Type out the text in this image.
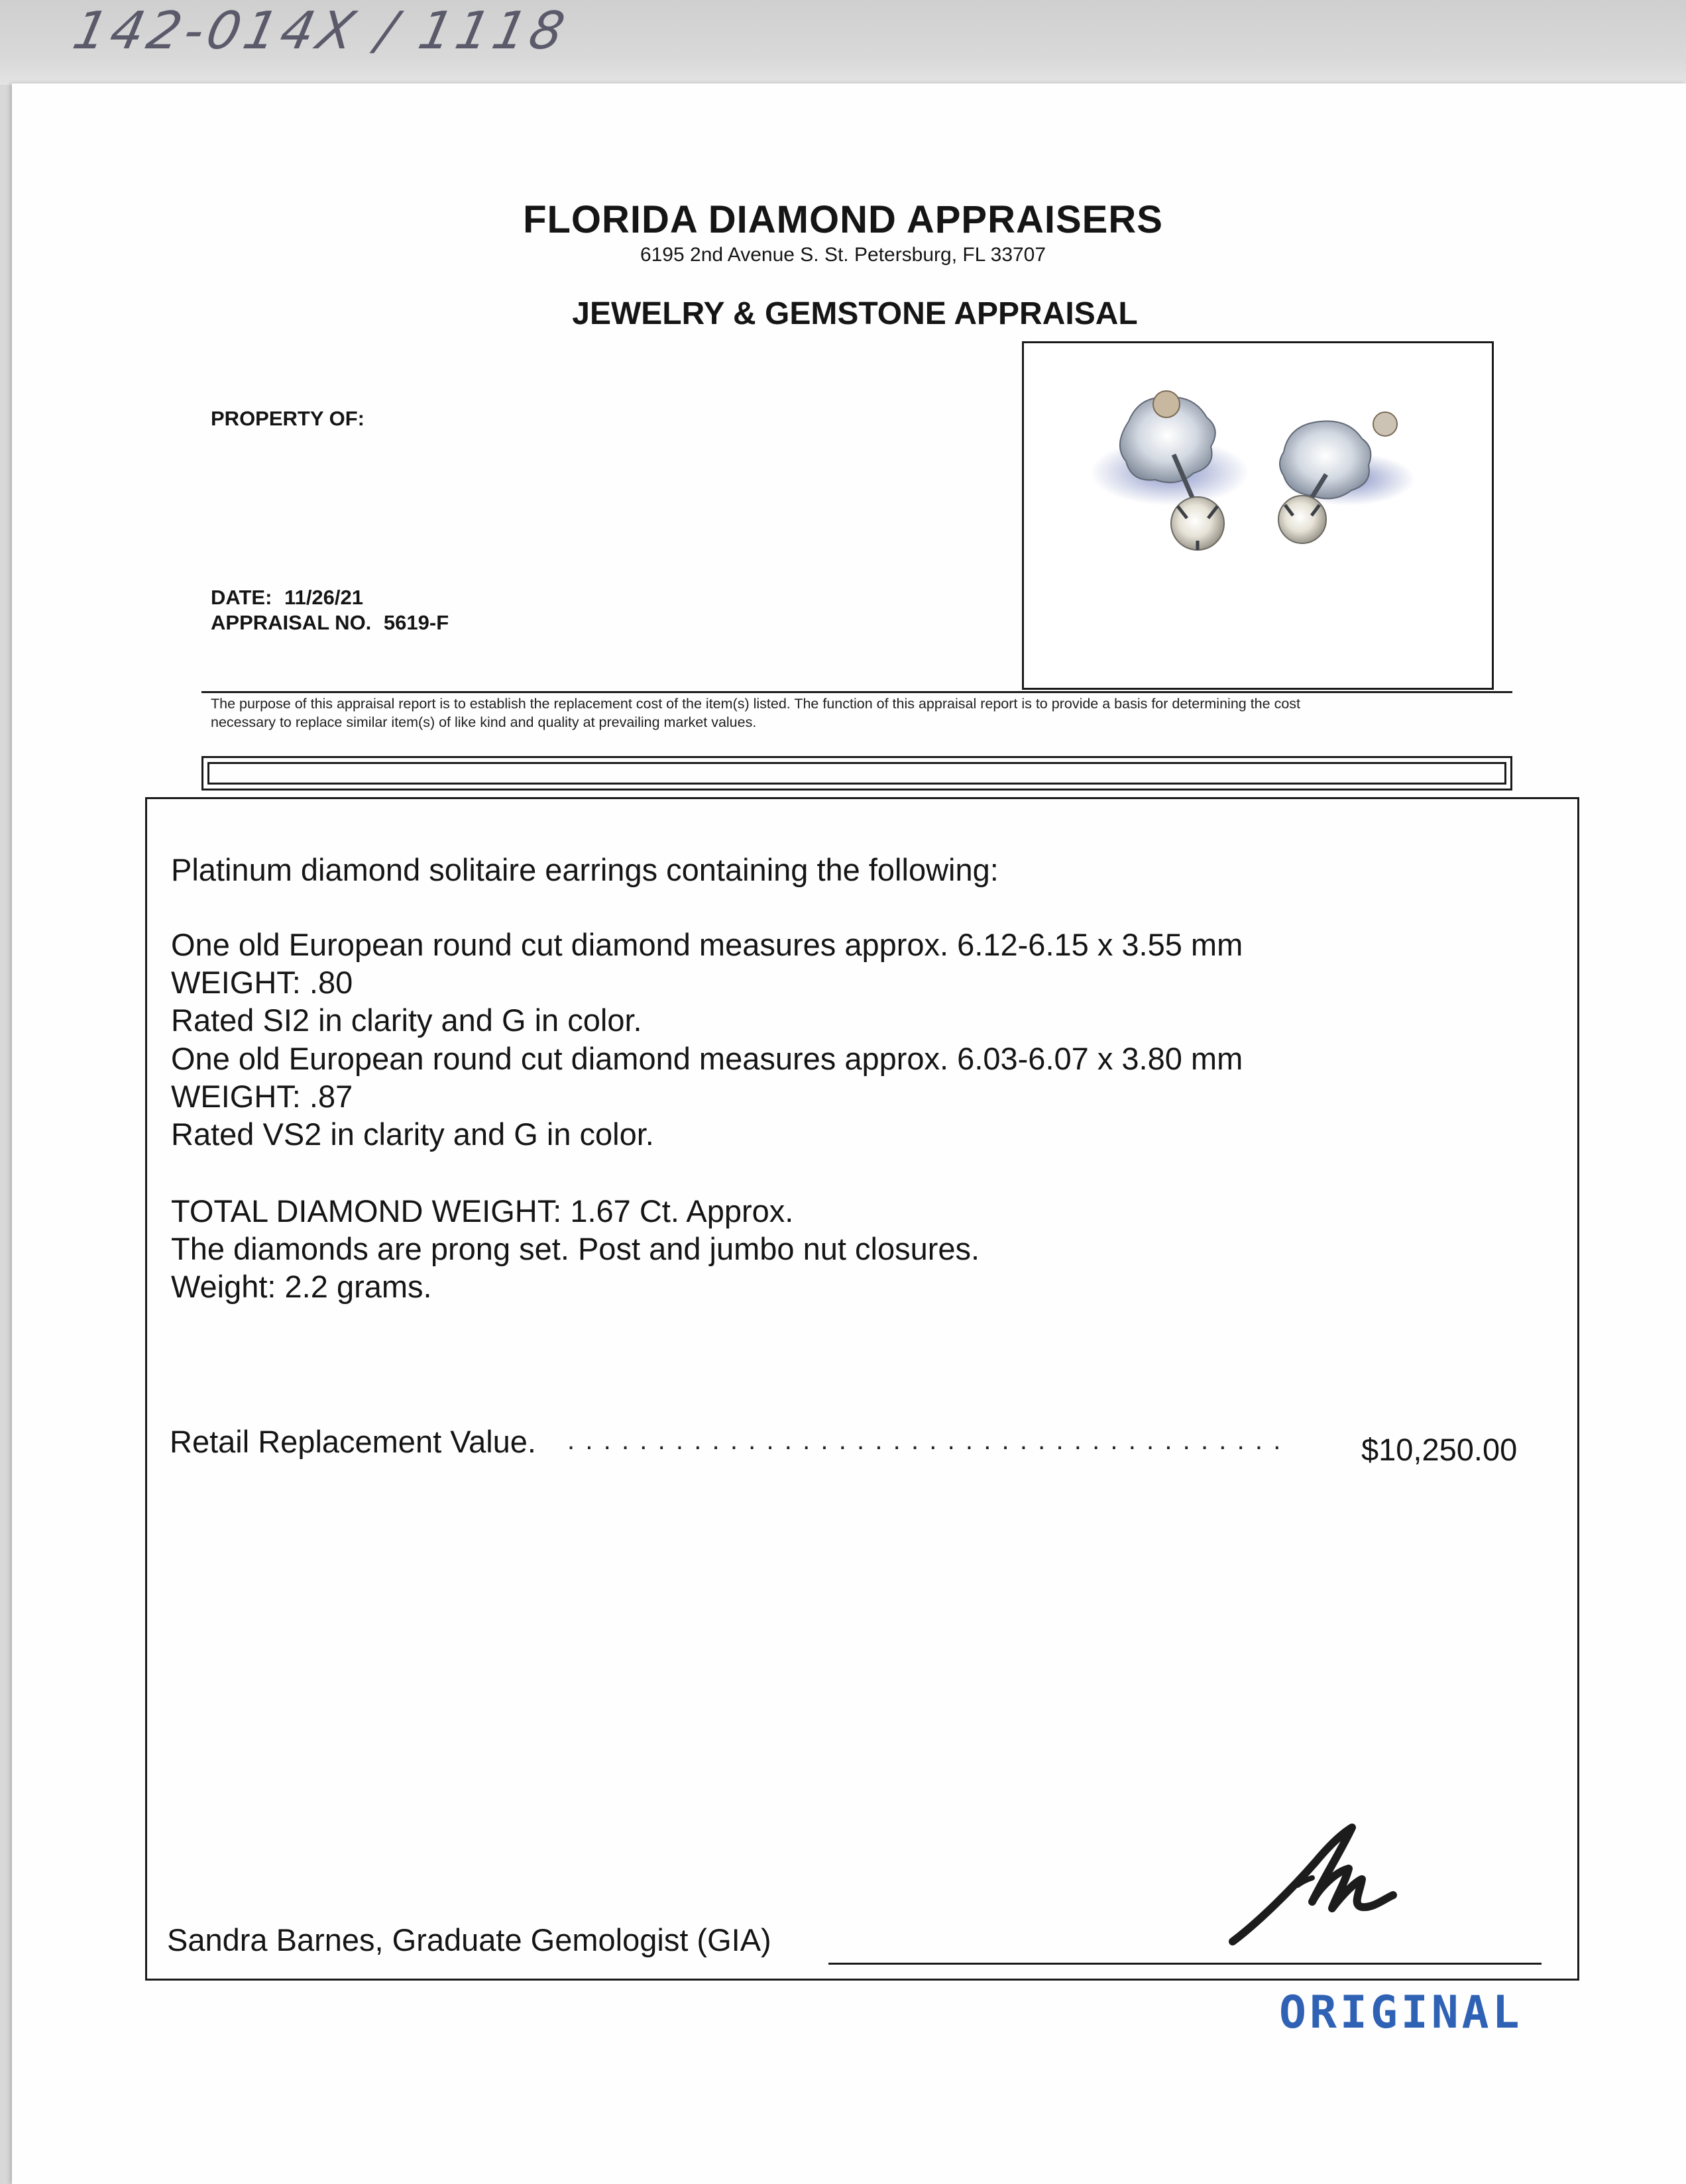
142-014X / 1118
FLORIDA DIAMOND APPRAISERS
6195 2nd Avenue S. St. Petersburg, FL 33707
JEWELRY & GEMSTONE APPRAISAL
PROPERTY OF:
DATE: 11/26/21
APPRAISAL NO. 5619-F
The purpose of this appraisal report is to establish the replacement cost of the item(s) listed. The function of this appraisal report is to provide a basis for determining the cost
necessary to replace similar item(s) of like kind and quality at prevailing market values.
Platinum diamond solitaire earrings containing the following:
One old European round cut diamond measures approx. 6.12-6.15 x 3.55 mm
WEIGHT: .80
Rated SI2 in clarity and G in color.
One old European round cut diamond measures approx. 6.03-6.07 x 3.80 mm
WEIGHT: .87
Rated VS2 in clarity and G in color.
TOTAL DIAMOND WEIGHT: 1.67 Ct. Approx.
The diamonds are prong set. Post and jumbo nut closures.
Weight: 2.2 grams.
Retail Replacement Value. ........................................ $10,250.00
Sandra Barnes, Graduate Gemologist (GIA)
ORIGINAL
